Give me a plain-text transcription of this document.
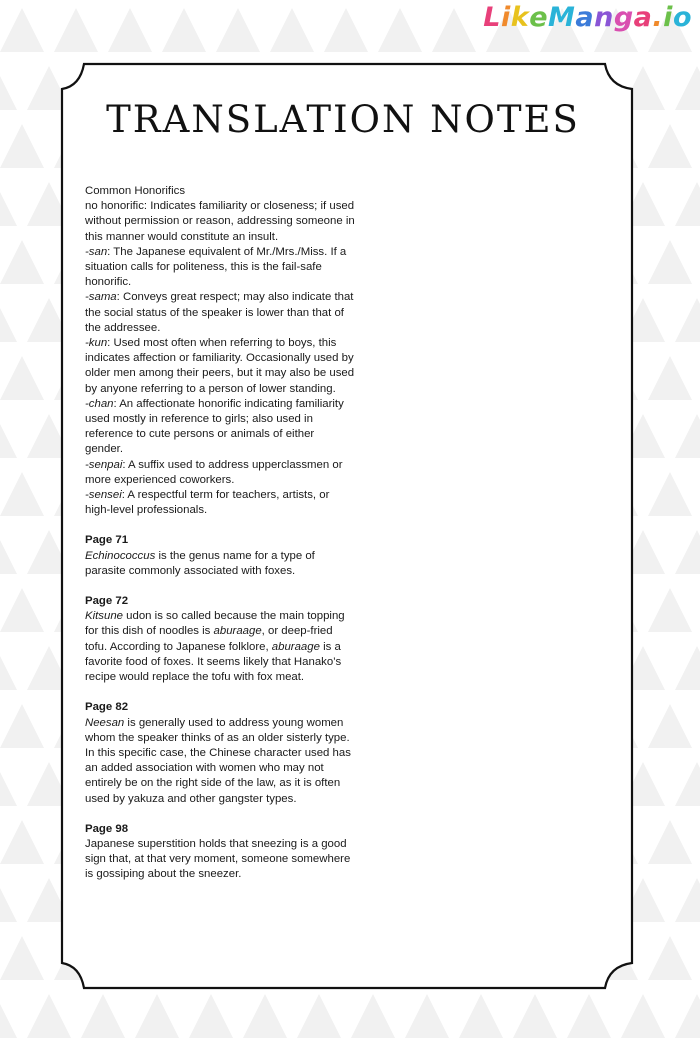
LikeManga.io
TRANSLATION NOTES

Common Honorifics

no honorific: Indicates familiarity or closeness; if used without permission or reason, addressing someone in this manner would constitute an insult.

-san: The Japanese equivalent of Mr./Mrs./Miss. If a situation calls for politeness, this is the fail-safe honorific.

-sama: Conveys great respect; may also indicate that the social status of the speaker is lower than that of the addressee.

-kun: Used most often when referring to boys, this indicates affection or familiarity. Occasionally used by older men among their peers, but it may also be used by anyone referring to a person of lower standing.

-chan: An affectionate honorific indicating familiarity used mostly in reference to girls; also used in reference to cute persons or animals of either gender.

-senpai: A suffix used to address upperclassmen or more experienced coworkers.

-sensei: A respectful term for teachers, artists, or high-level professionals.

Page 71

Echinococcus is the genus name for a type of parasite commonly associated with foxes.

Page 72

Kitsune udon is so called because the main topping for this dish of noodles is aburaage, or deep-fried tofu. According to Japanese folklore, aburaage is a favorite food of foxes. It seems likely that Hanako’s recipe would replace the tofu with fox meat.

Page 82

Neesan is generally used to address young women whom the speaker thinks of as an older sisterly type. In this specific case, the Chinese character used has an added association with women who may not entirely be on the right side of the law, as it is often used by yakuza and other gangster types.

Page 98

Japanese superstition holds that sneezing is a good sign that, at that very moment, someone somewhere is gossiping about the sneezer.
